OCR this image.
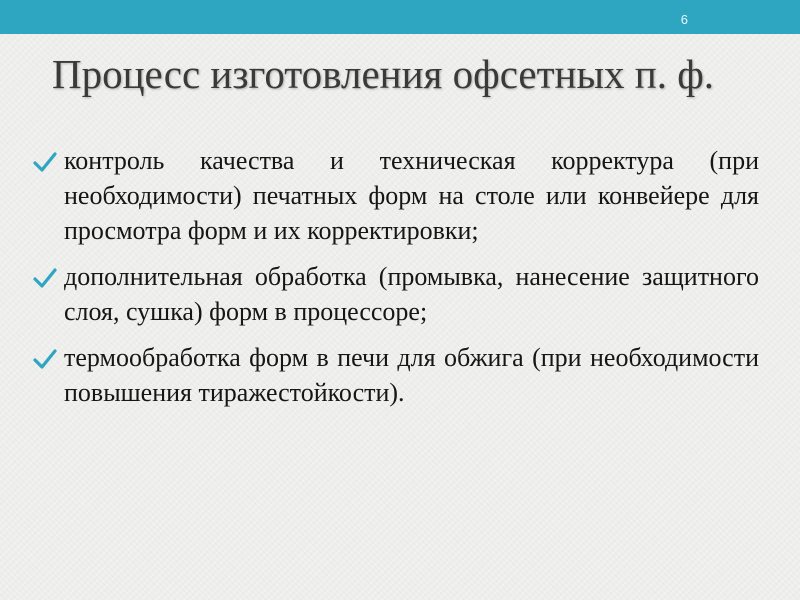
6
Процесс изготовления офсетных п. ф.
контроль качества и техническая корректура (при необходимости) печатных форм на столе или конвейере для просмотра форм и их корректировки;
дополнительная обработка (промывка, нанесение защитного слоя, сушка) форм в процессоре;
термообработка форм в печи для обжига (при необходимости повышения тиражестойкости).
